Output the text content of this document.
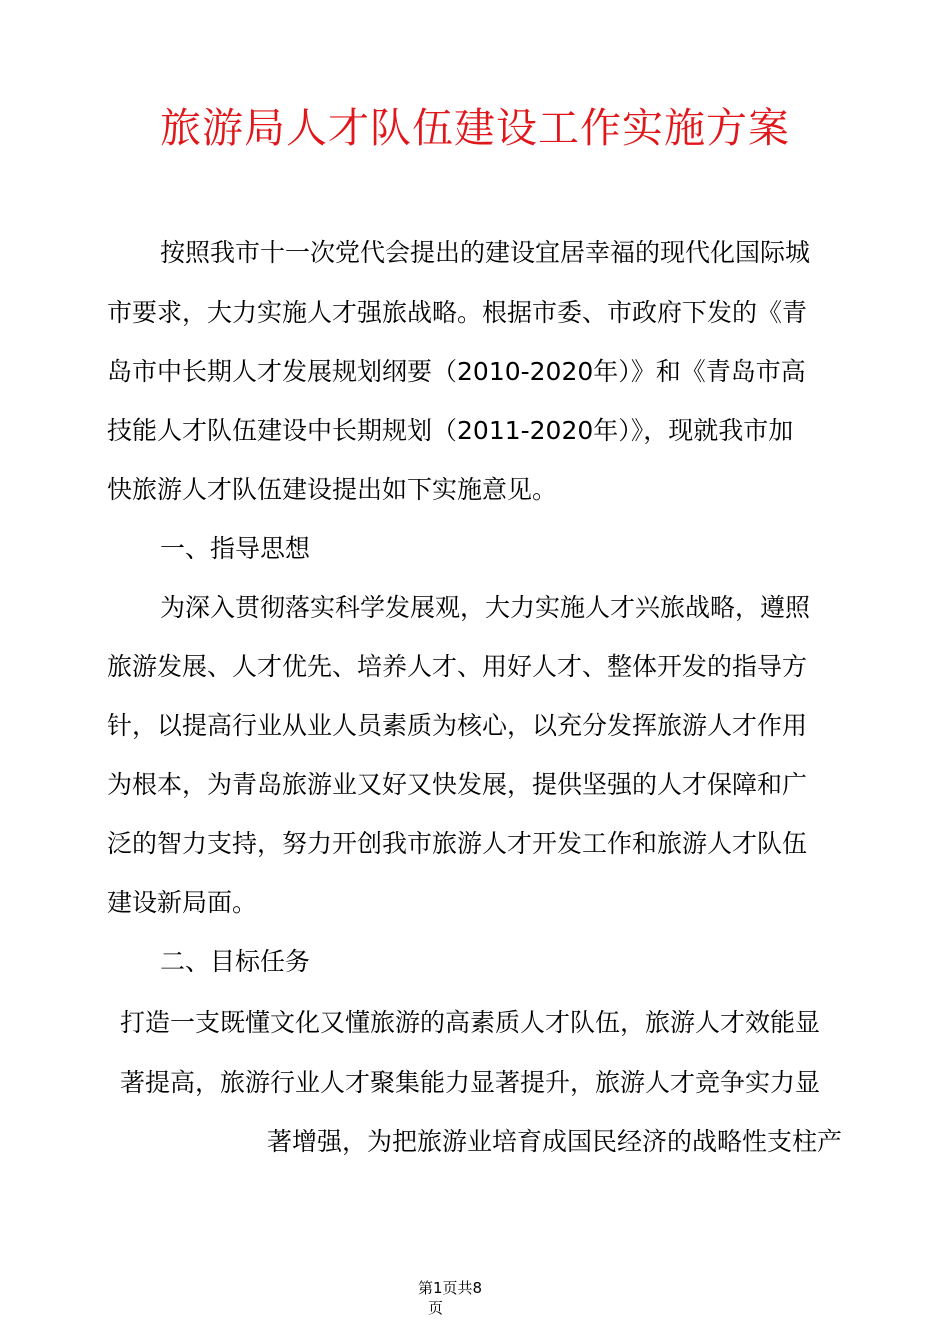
旅游局人才队伍建设工作实施方案
按照我市十一次党代会提出的建设宜居幸福的现代化国际城
市要求，大力实施人才强旅战略。根据市委、市政府下发的《青
岛市中长期人才发展规划纲要（2010-2020年）》和《青岛市高
技能人才队伍建设中长期规划（2011-2020年）》，现就我市加
快旅游人才队伍建设提出如下实施意见。
一、指导思想
为深入贯彻落实科学发展观，大力实施人才兴旅战略，遵照
旅游发展、人才优先、培养人才、用好人才、整体开发的指导方
针，以提高行业从业人员素质为核心，以充分发挥旅游人才作用
为根本，为青岛旅游业又好又快发展，提供坚强的人才保障和广
泛的智力支持，努力开创我市旅游人才开发工作和旅游人才队伍
建设新局面。
二、目标任务
打造一支既懂文化又懂旅游的高素质人才队伍，旅游人才效能显
著提高，旅游行业人才聚集能力显著提升，旅游人才竞争实力显
著增强，为把旅游业培育成国民经济的战略性支柱产
第1页共8
页
